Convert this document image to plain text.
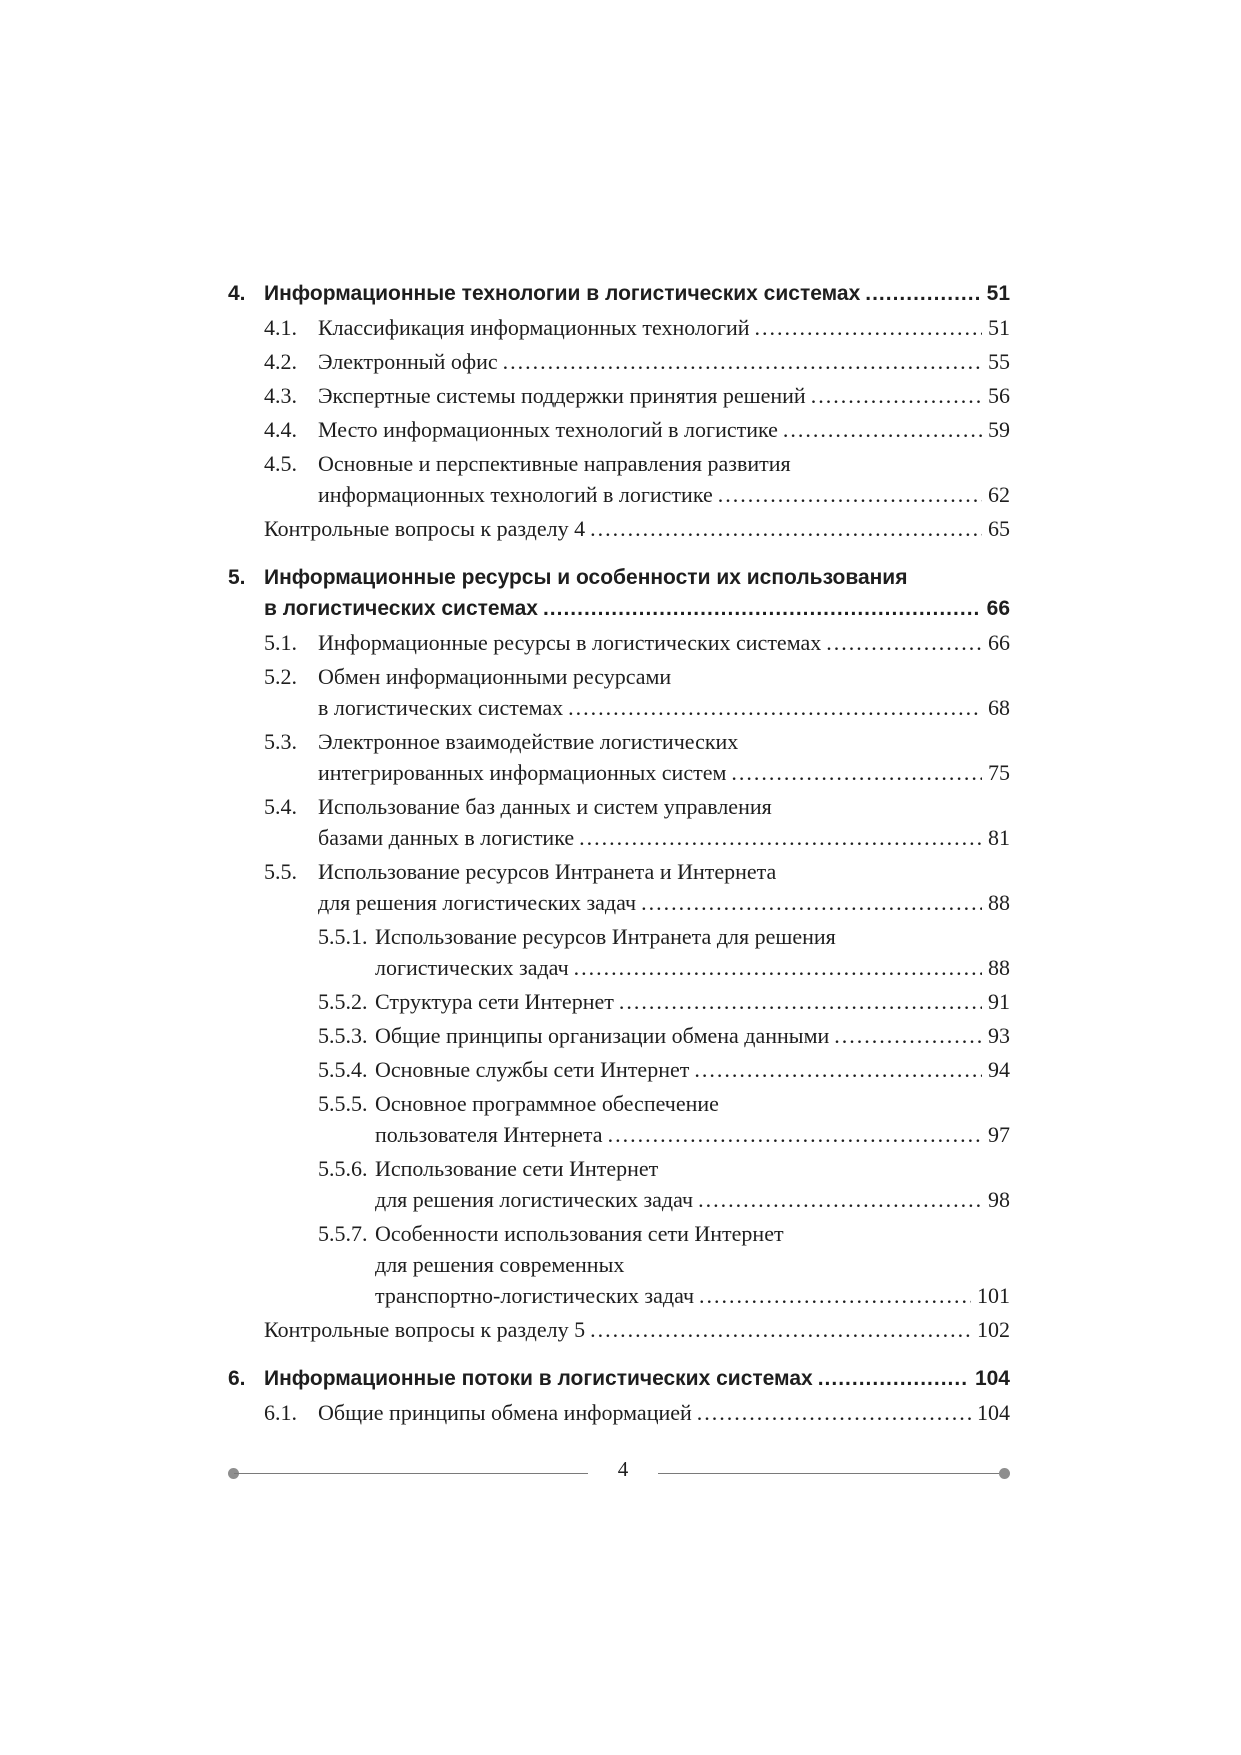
4. Информационные технологии в логистических системах .....	51
4.1. Классификация информационных технологий .....	51
4.2. Электронный офис .....	55
4.3. Экспертные системы поддержки принятия решений .....	56
4.4. Место информационных технологий в логистике .....	59
4.5. Основные и перспективные направления развития
информационных технологий в логистике .....	62
Контрольные вопросы к разделу 4 .....	65
5. Информационные ресурсы и особенности их использования
в логистических системах .....	66
5.1. Информационные ресурсы в логистических системах .....	66
5.2. Обмен информационными ресурсами
в логистических системах .....	68
5.3. Электронное взаимодействие логистических
интегрированных информационных систем .....	75
5.4. Использование баз данных и систем управления
базами данных в логистике .....	81
5.5. Использование ресурсов Интранета и Интернета
для решения логистических задач .....	88
5.5.1. Использование ресурсов Интранета для решения
логистических задач .....	88
5.5.2. Структура сети Интернет .....	91
5.5.3. Общие принципы организации обмена данными .....	93
5.5.4. Основные службы сети Интернет .....	94
5.5.5. Основное программное обеспечение
пользователя Интернета .....	97
5.5.6. Использование сети Интернет
для решения логистических задач .....	98
5.5.7. Особенности использования сети Интернет
для решения современных
транспортно-логистических задач .....	101
Контрольные вопросы к разделу 5 .....	102
6. Информационные потоки в логистических системах .....	104
6.1. Общие принципы обмена информацией .....	104
4
